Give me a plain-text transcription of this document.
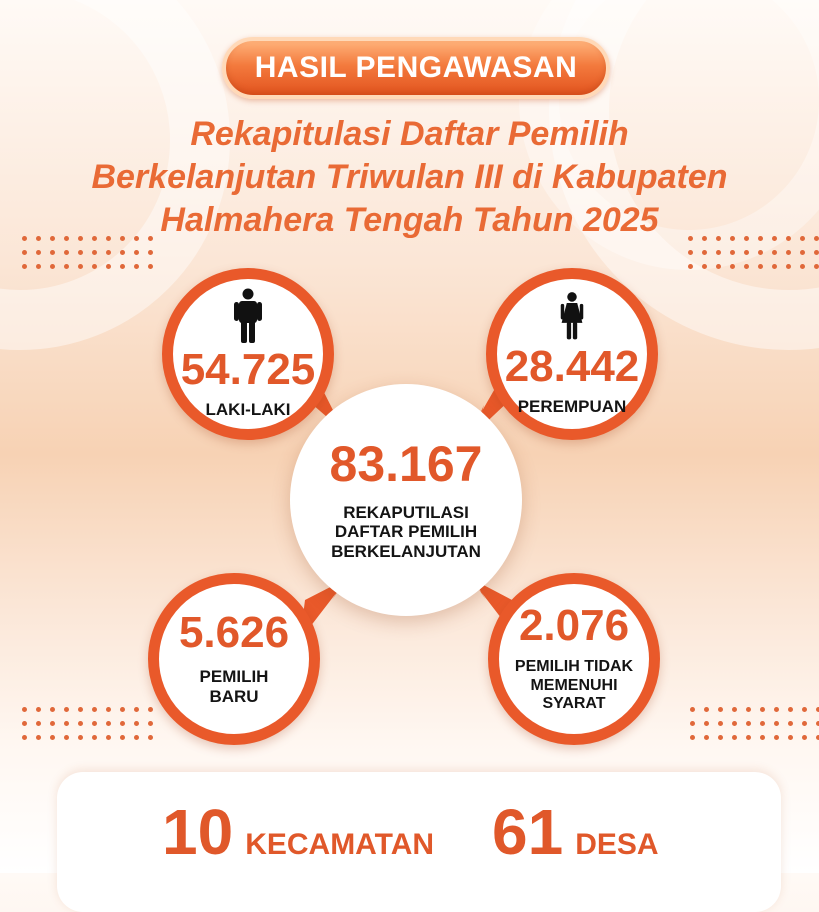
HASIL PENGAWASAN
Rekapitulasi Daftar Pemilih
Berkelanjutan Triwulan III di Kabupaten
Halmahera Tengah Tahun 2025
54.725
LAKI-LAKI
28.442
PEREMPUAN
83.167
REKAPUTILASI
DAFTAR PEMILIH
BERKELANJUTAN
5.626
PEMILIH
BARU
2.076
PEMILIH TIDAK
MEMENUHI
SYARAT
10 KECAMATAN 61 DESA
